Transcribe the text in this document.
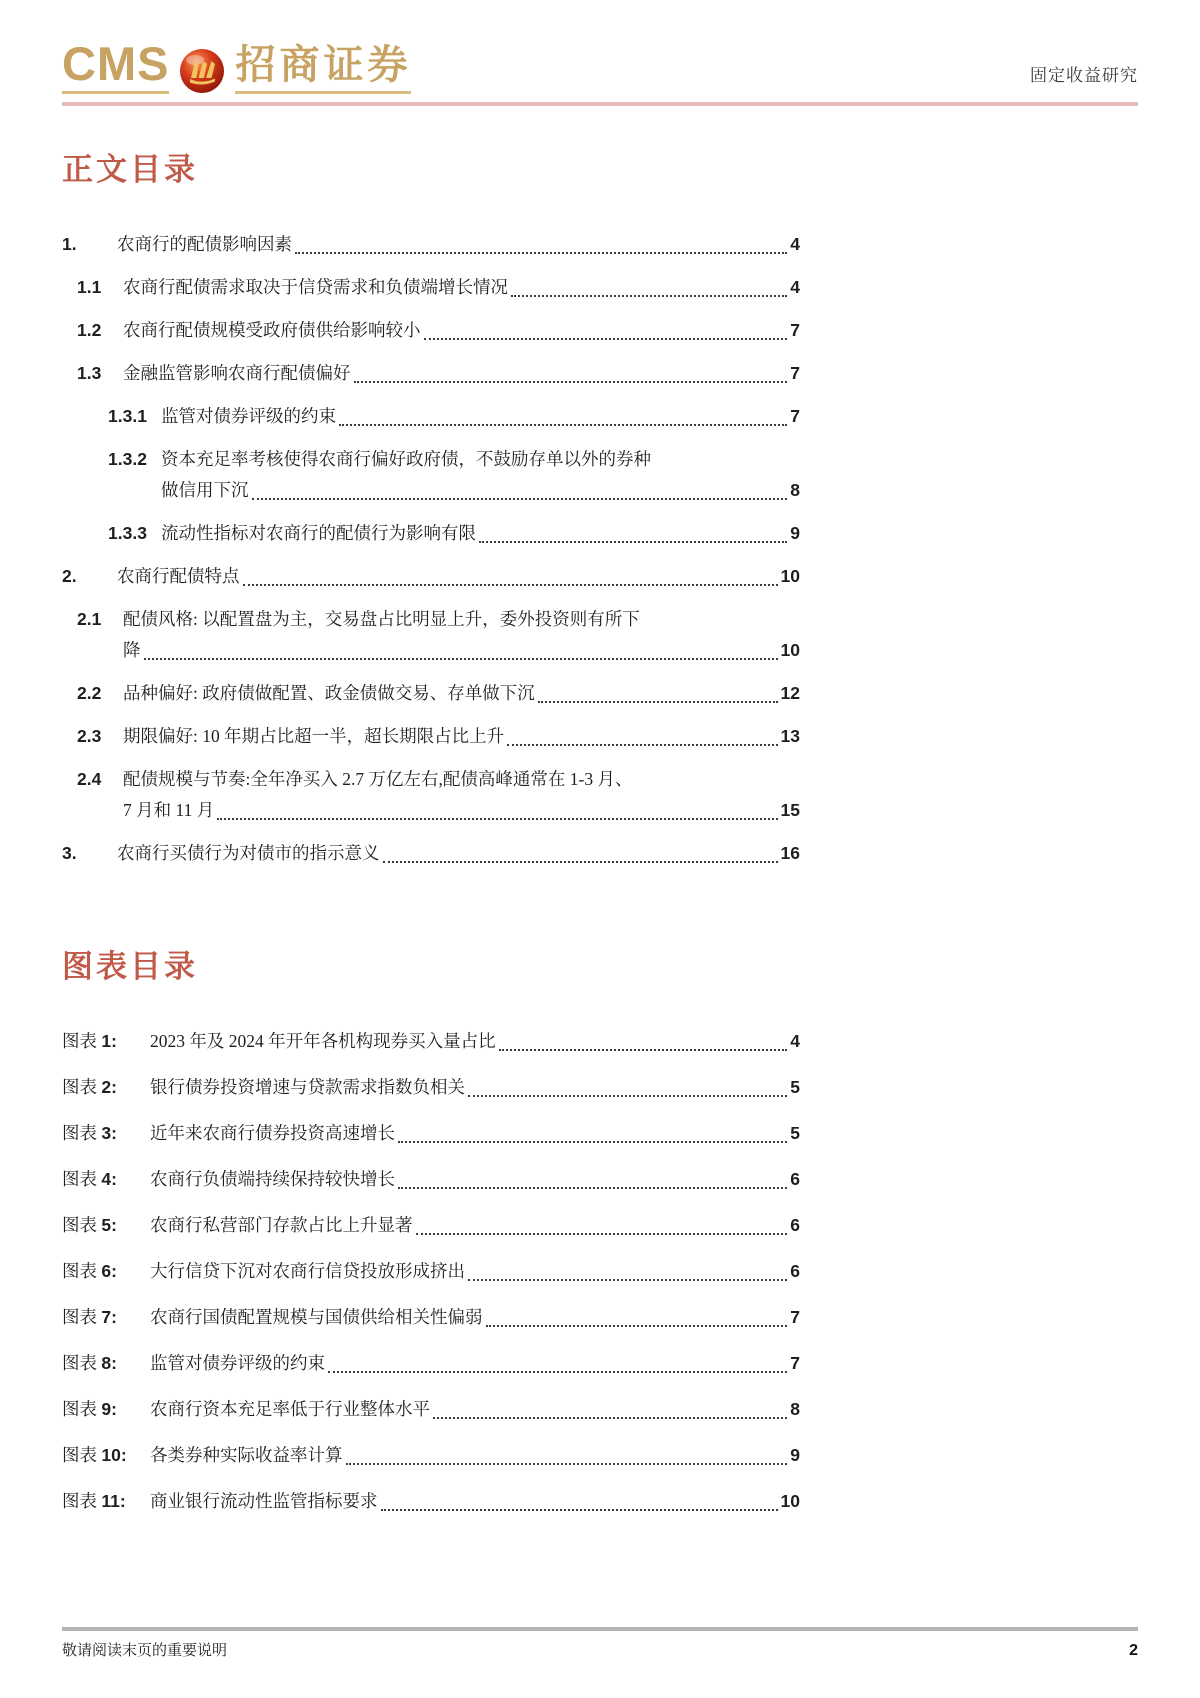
CMS 招商证券	固定收益研究
正文目录
1.	农商行的配债影响因素	4
1.1	农商行配债需求取决于信贷需求和负债端增长情况	4
1.2	农商行配债规模受政府债供给影响较小	7
1.3	金融监管影响农商行配债偏好	7
1.3.1 监管对债券评级的约束	7
1.3.2 资本充足率考核使得农商行偏好政府债，不鼓励存单以外的券种
做信用下沉	8
1.3.3 流动性指标对农商行的配债行为影响有限	9
2.	农商行配债特点	10
2.1	配债风格: 以配置盘为主，交易盘占比明显上升，委外投资则有所下
降	10
2.2	品种偏好: 政府债做配置、政金债做交易、存单做下沉	12
2.3	期限偏好: 10 年期占比超一半，超长期限占比上升	13
2.4	配债规模与节奏:全年净买入 2.7 万亿左右,配债高峰通常在 1-3 月、
7 月和 11 月	15
3.	农商行买债行为对债市的指示意义	16
图表目录
图表 1:	2023 年及 2024 年开年各机构现券买入量占比	4
图表 2:	银行债券投资增速与贷款需求指数负相关	5
图表 3:	近年来农商行债券投资高速增长	5
图表 4:	农商行负债端持续保持较快增长	6
图表 5:	农商行私营部门存款占比上升显著	6
图表 6:	大行信贷下沉对农商行信贷投放形成挤出	6
图表 7:	农商行国债配置规模与国债供给相关性偏弱	7
图表 8:	监管对债券评级的约束	7
图表 9:	农商行资本充足率低于行业整体水平	8
图表 10:	各类券种实际收益率计算	9
图表 11:	商业银行流动性监管指标要求	10
敬请阅读末页的重要说明	2
